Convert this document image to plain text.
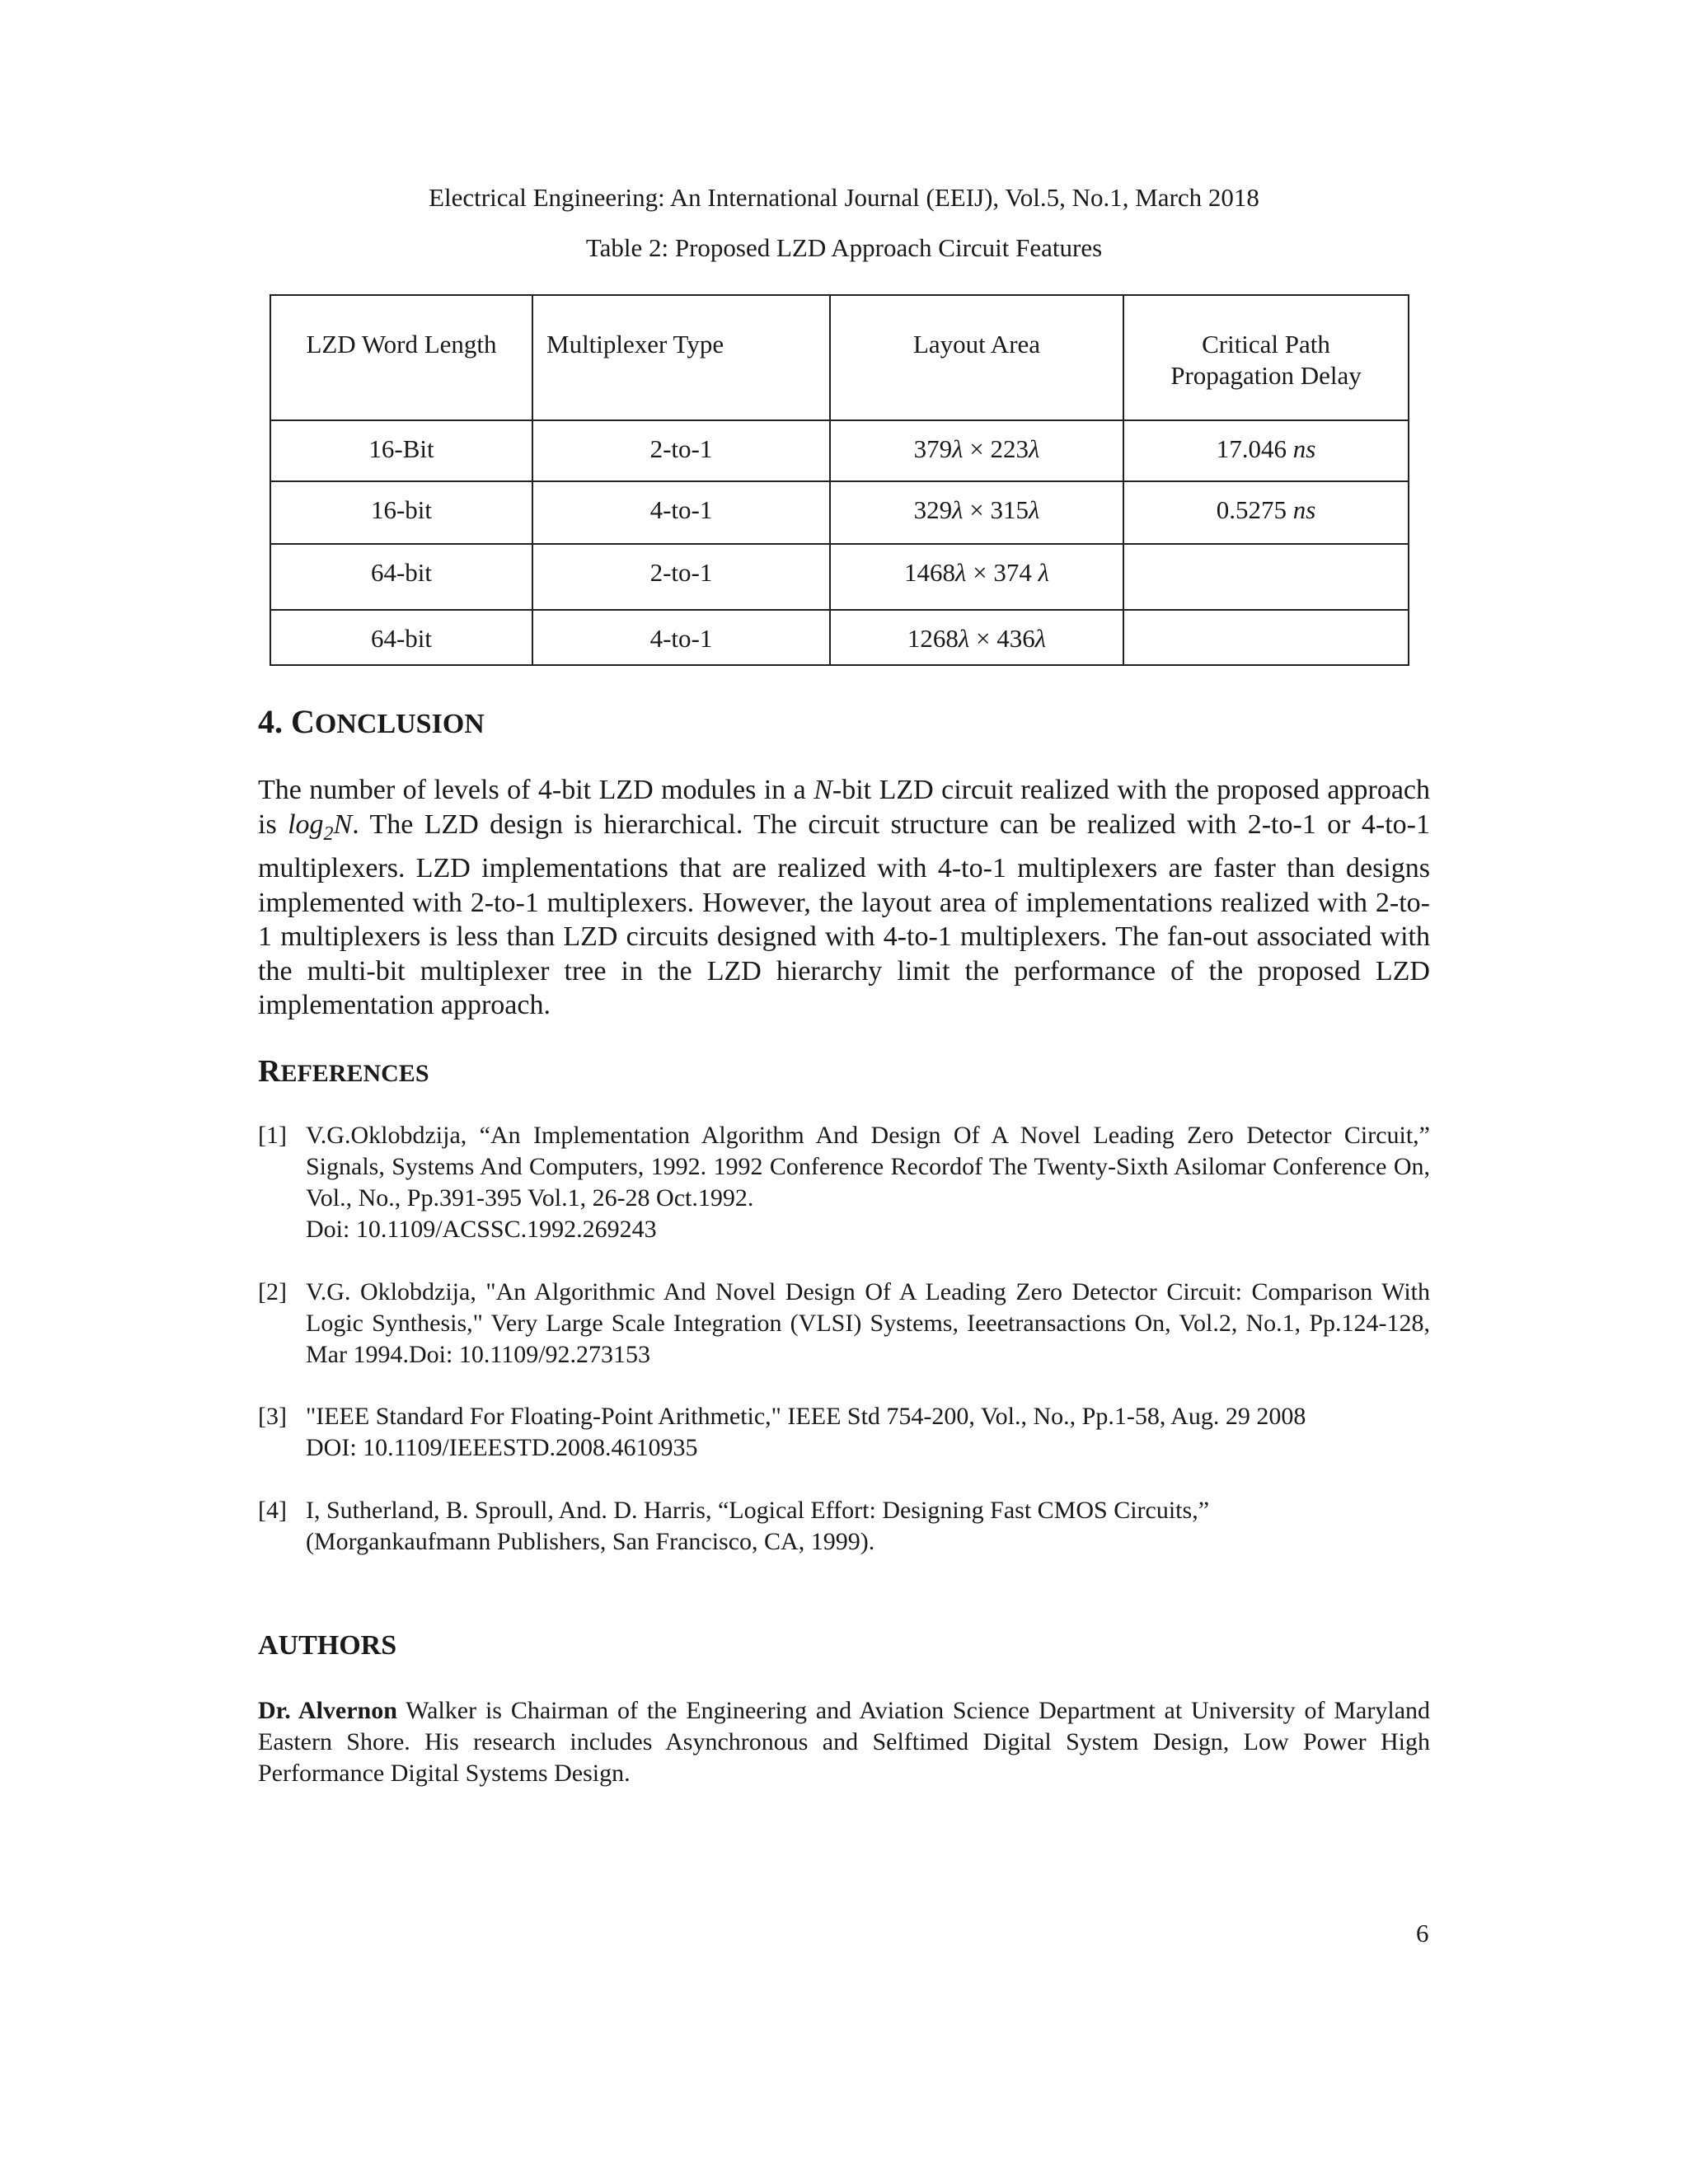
Electrical Engineering: An International Journal (EEIJ), Vol.5, No.1, March 2018
Table 2: Proposed LZD Approach Circuit Features
LZD Word Length	Multiplexer Type	Layout Area	Critical Path
Propagation Delay
16-Bit	2-to-1	379λ × 223λ	17.046 ns
16-bit	4-to-1	329λ × 315λ	0.5275 ns
64-bit	2-to-1	1468λ × 374 λ	
64-bit	4-to-1	1268λ × 436λ	
4. CONCLUSION

The number of levels of 4-bit LZD modules in a N-bit LZD circuit realized with the proposed approach is $\log_2N$. The LZD design is hierarchical. The circuit structure can be realized with 2-to-1 or 4-to-1 multiplexers. LZD implementations that are realized with 4-to-1 multiplexers are faster than designs implemented with 2-to-1 multiplexers. However, the layout area of implementations realized with 2-to-1 multiplexers is less than LZD circuits designed with 4-to-1 multiplexers. The fan-out associated with the multi-bit multiplexer tree in the LZD hierarchy limit the performance of the proposed LZD implementation approach.

REFERENCES
[1] V.G.Oklobdzija, “An Implementation Algorithm And Design Of A Novel Leading Zero Detector Circuit,” Signals, Systems And Computers, 1992. 1992 Conference Recordof The Twenty-Sixth Asilomar Conference On, Vol., No., Pp.391-395 Vol.1, 26-28 Oct.1992.
Doi: 10.1109/ACSSC.1992.269243
[2] V.G. Oklobdzija, "An Algorithmic And Novel Design Of A Leading Zero Detector Circuit: Comparison With Logic Synthesis," Very Large Scale Integration (VLSI) Systems, Ieeetransactions On, Vol.2, No.1, Pp.124-128, Mar 1994.Doi: 10.1109/92.273153
[3] "IEEE Standard For Floating-Point Arithmetic," IEEE Std 754-200, Vol., No., Pp.1-58, Aug. 29 2008
DOI: 10.1109/IEEESTD.2008.4610935
[4] I, Sutherland, B. Sproull, And. D. Harris, “Logical Effort: Designing Fast CMOS Circuits,”
(Morgankaufmann Publishers, San Francisco, CA, 1999).
AUTHORS

Dr. Alvernon Walker is Chairman of the Engineering and Aviation Science Department at University of Maryland Eastern Shore. His research includes Asynchronous and Selftimed Digital System Design, Low Power High Performance Digital Systems Design.

6
